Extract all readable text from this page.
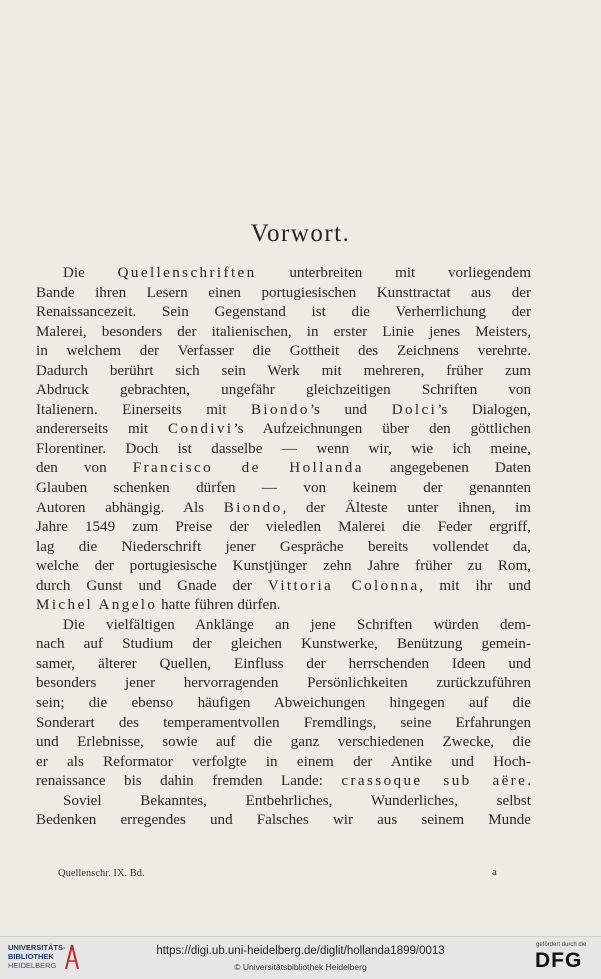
Vorwort.
Die Quellenschriften unterbreiten mit vorliegendem
Bande ihren Lesern einen portugiesischen Kunsttractat aus der
Renaissancezeit. Sein Gegenstand ist die Verherrlichung der
Malerei, besonders der italienischen, in erster Linie jenes Meisters,
in welchem der Verfasser die Gottheit des Zeichnens verehrte.
Dadurch berührt sich sein Werk mit mehreren, früher zum
Abdruck gebrachten, ungefähr gleichzeitigen Schriften von
Italienern. Einerseits mit Biondo’s und Dolci’s Dialogen,
andererseits mit Condivi’s Aufzeichnungen über den göttlichen
Florentiner. Doch ist dasselbe — wenn wir, wie ich meine,
den von Francisco de Hollanda angegebenen Daten
Glauben schenken dürfen — von keinem der genannten
Autoren abhängig. Als Biondo, der Älteste unter ihnen, im
Jahre 1549 zum Preise der vieledlen Malerei die Feder ergriff,
lag die Niederschrift jener Gespräche bereits vollendet da,
welche der portugiesische Kunstjünger zehn Jahre früher zu Rom,
durch Gunst und Gnade der Vittoria Colonna, mit ihr und
Michel Angelo hatte führen dürfen.
Die vielfältigen Anklänge an jene Schriften würden dem-
nach auf Studium der gleichen Kunstwerke, Benützung gemein-
samer, älterer Quellen, Einfluss der herrschenden Ideen und
besonders jener hervorragenden Persönlichkeiten zurückzuführen
sein; die ebenso häufigen Abweichungen hingegen auf die
Sonderart des temperamentvollen Fremdlings, seine Erfahrungen
und Erlebnisse, sowie auf die ganz verschiedenen Zwecke, die
er als Reformator verfolgte in einem der Antike und Hoch-
renaissance bis dahin fremden Lande: crassoque sub aëre.
Soviel Bekanntes, Entbehrliches, Wunderliches, selbst
Bedenken erregendes und Falsches wir aus seinem Munde
Quellenschr. IX. Bd.	a
UNIVERSITÄTS-
BIBLIOTHEK
HEIDELBERG
https://digi.ub.uni-heidelberg.de/diglit/hollanda1899/0013
© Universitätsbibliothek Heidelberg
gefördert durch die
DFG
